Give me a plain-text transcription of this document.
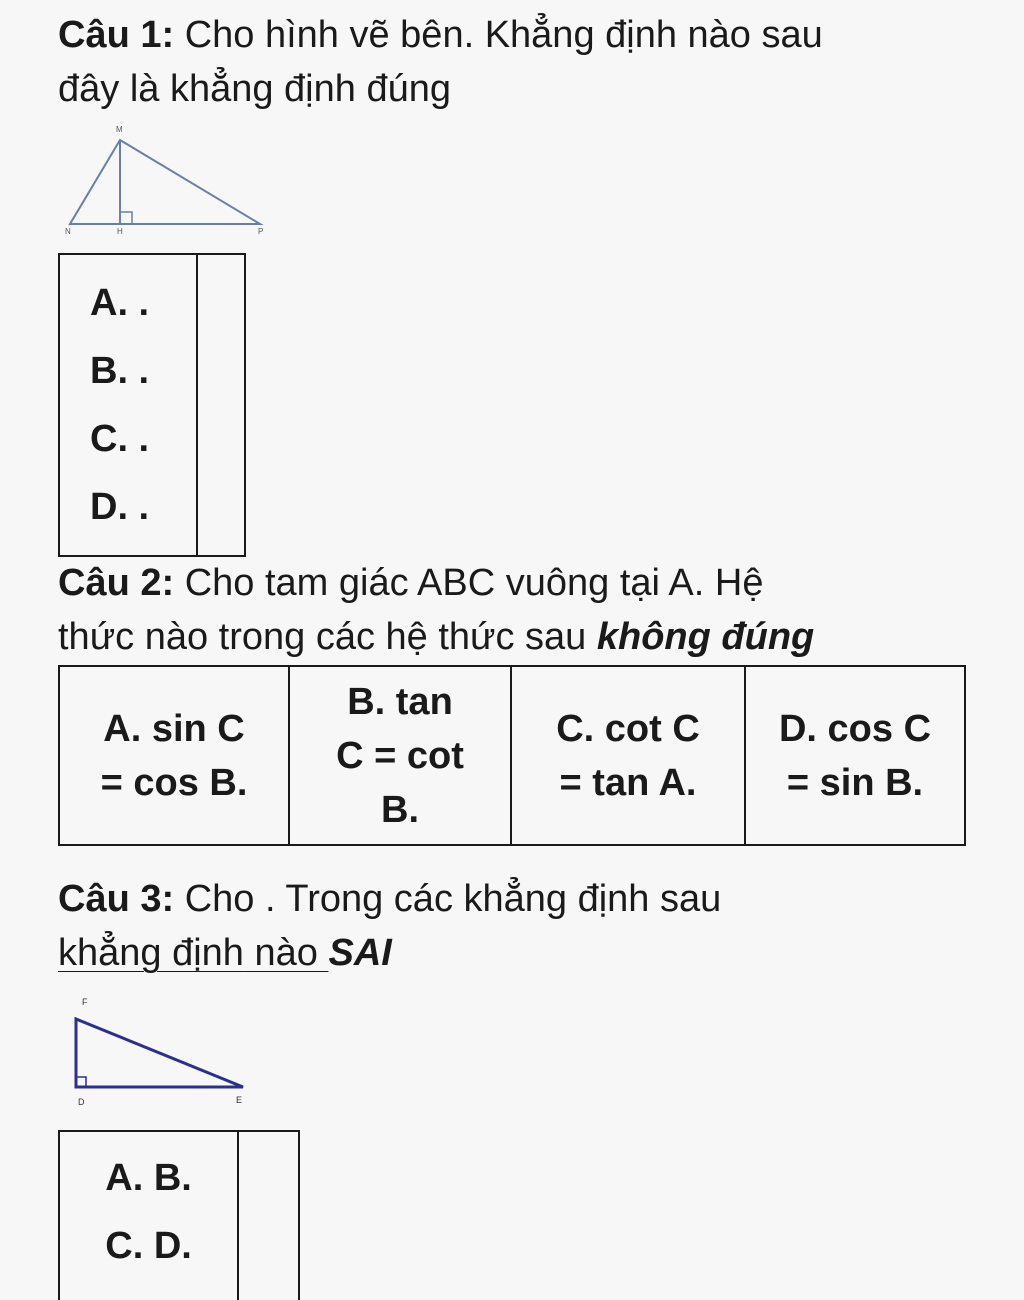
Câu 1: Cho hình vẽ bên. Khẳng định nào sau
đây là khẳng định đúng

M
N	H	P
A. .
B. .
C. .
D. .

Câu 2: Cho tam giác ABC vuông tại A. Hệ
thức nào trong các hệ thức sau không đúng

A. sin C
= cos B.

B. tan
C = cot
B.

C. cot C
= tan A.

D. cos C
= sin B.

Câu 3: Cho . Trong các khẳng định sau
khẳng định nào SAI

F
D	E
A. B.
C. D.
